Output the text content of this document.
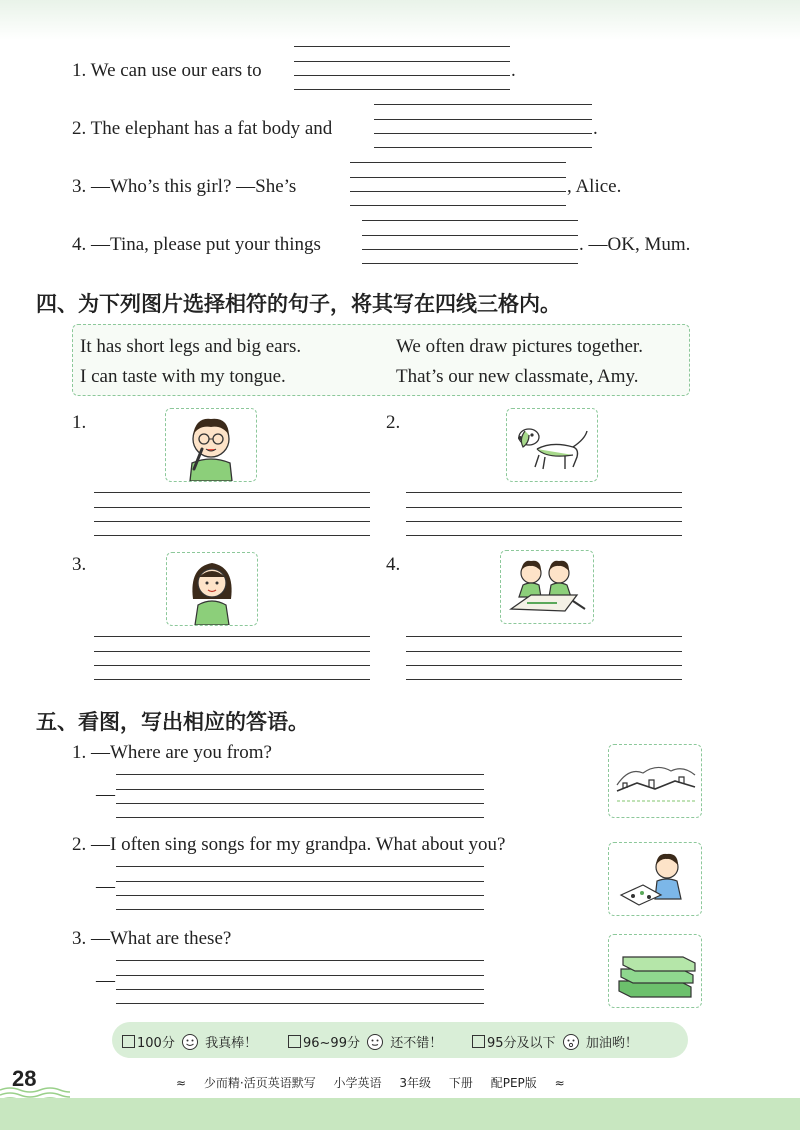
1. We can use our ears to	.
2. The elephant has a fat body and	.
3. —Who’s this girl? —She’s	, Alice.
4. —Tina, please put your things	. —OK, Mum.
四、为下列图片选择相符的句子，将其写在四线三格内。
It has short legs and big ears.	We often draw pictures together.
I can taste with my tongue.	That’s our new classmate, Amy.
1.	2.
3.	4.
五、看图，写出相应的答语。
1. —Where are you from?
—
2. —I often sing songs for my grandpa. What about you?
—
3. —What are these?
—
100分 我真棒！	96~99分 还不错！	95分及以下 加油哟！
28	≈ 少而精·活页英语默写 小学英语 3年级 下册 配PEP版 ≈
